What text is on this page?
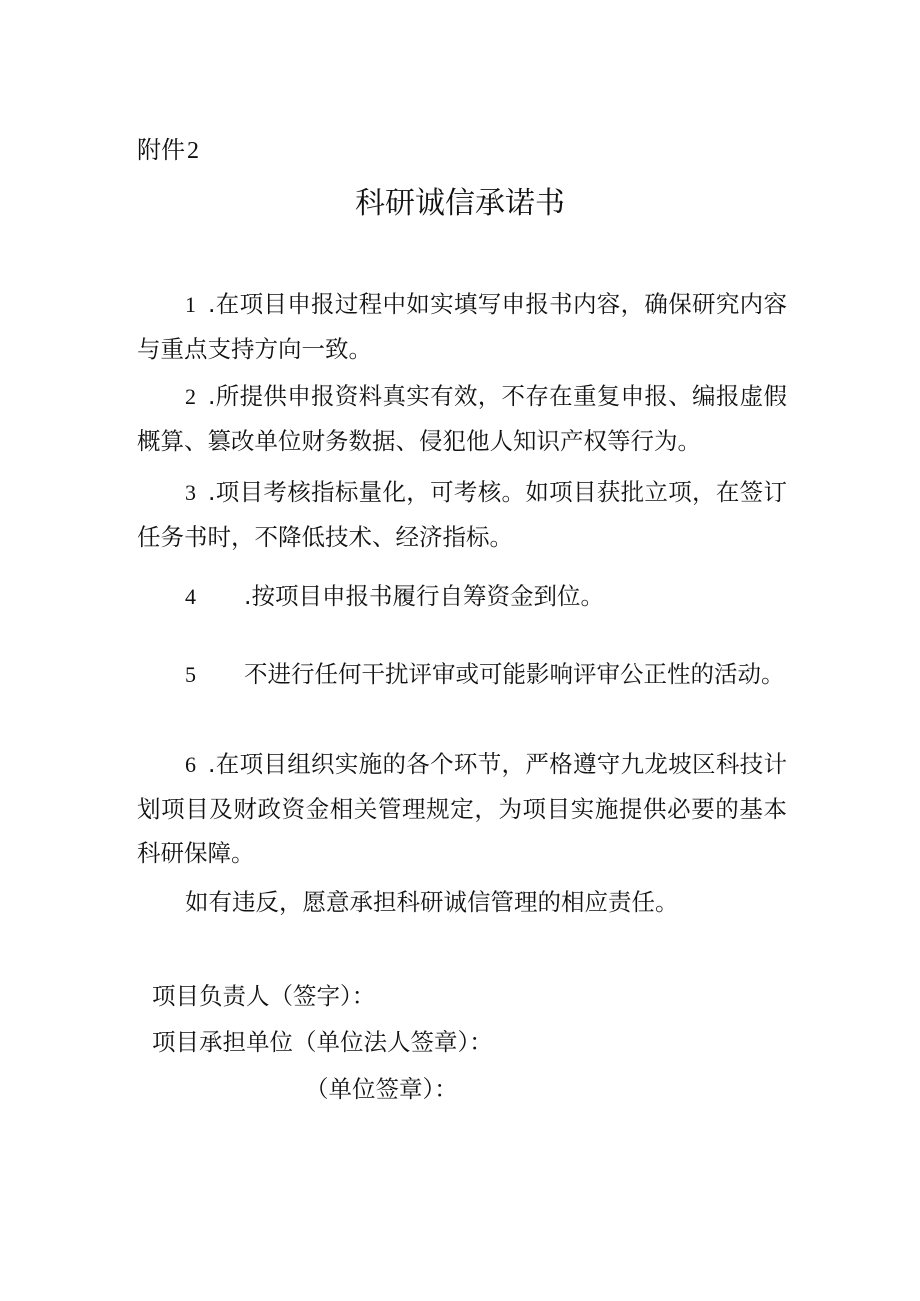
附件2
科研诚信承诺书
1 .在项目申报过程中如实填写申报书内容，确保研究内容与重点支持方向一致。
2 .所提供申报资料真实有效，不存在重复申报、编报虚假概算、篡改单位财务数据、侵犯他人知识产权等行为。
3 .项目考核指标量化，可考核。如项目获批立项，在签订任务书时，不降低技术、经济指标。
4 .按项目申报书履行自筹资金到位。
5 不进行任何干扰评审或可能影响评审公正性的活动。
6 .在项目组织实施的各个环节，严格遵守九龙坡区科技计划项目及财政资金相关管理规定，为项目实施提供必要的基本科研保障。
如有违反，愿意承担科研诚信管理的相应责任。
项目负责人（签字）：
项目承担单位（单位法人签章）：
（单位签章）：
